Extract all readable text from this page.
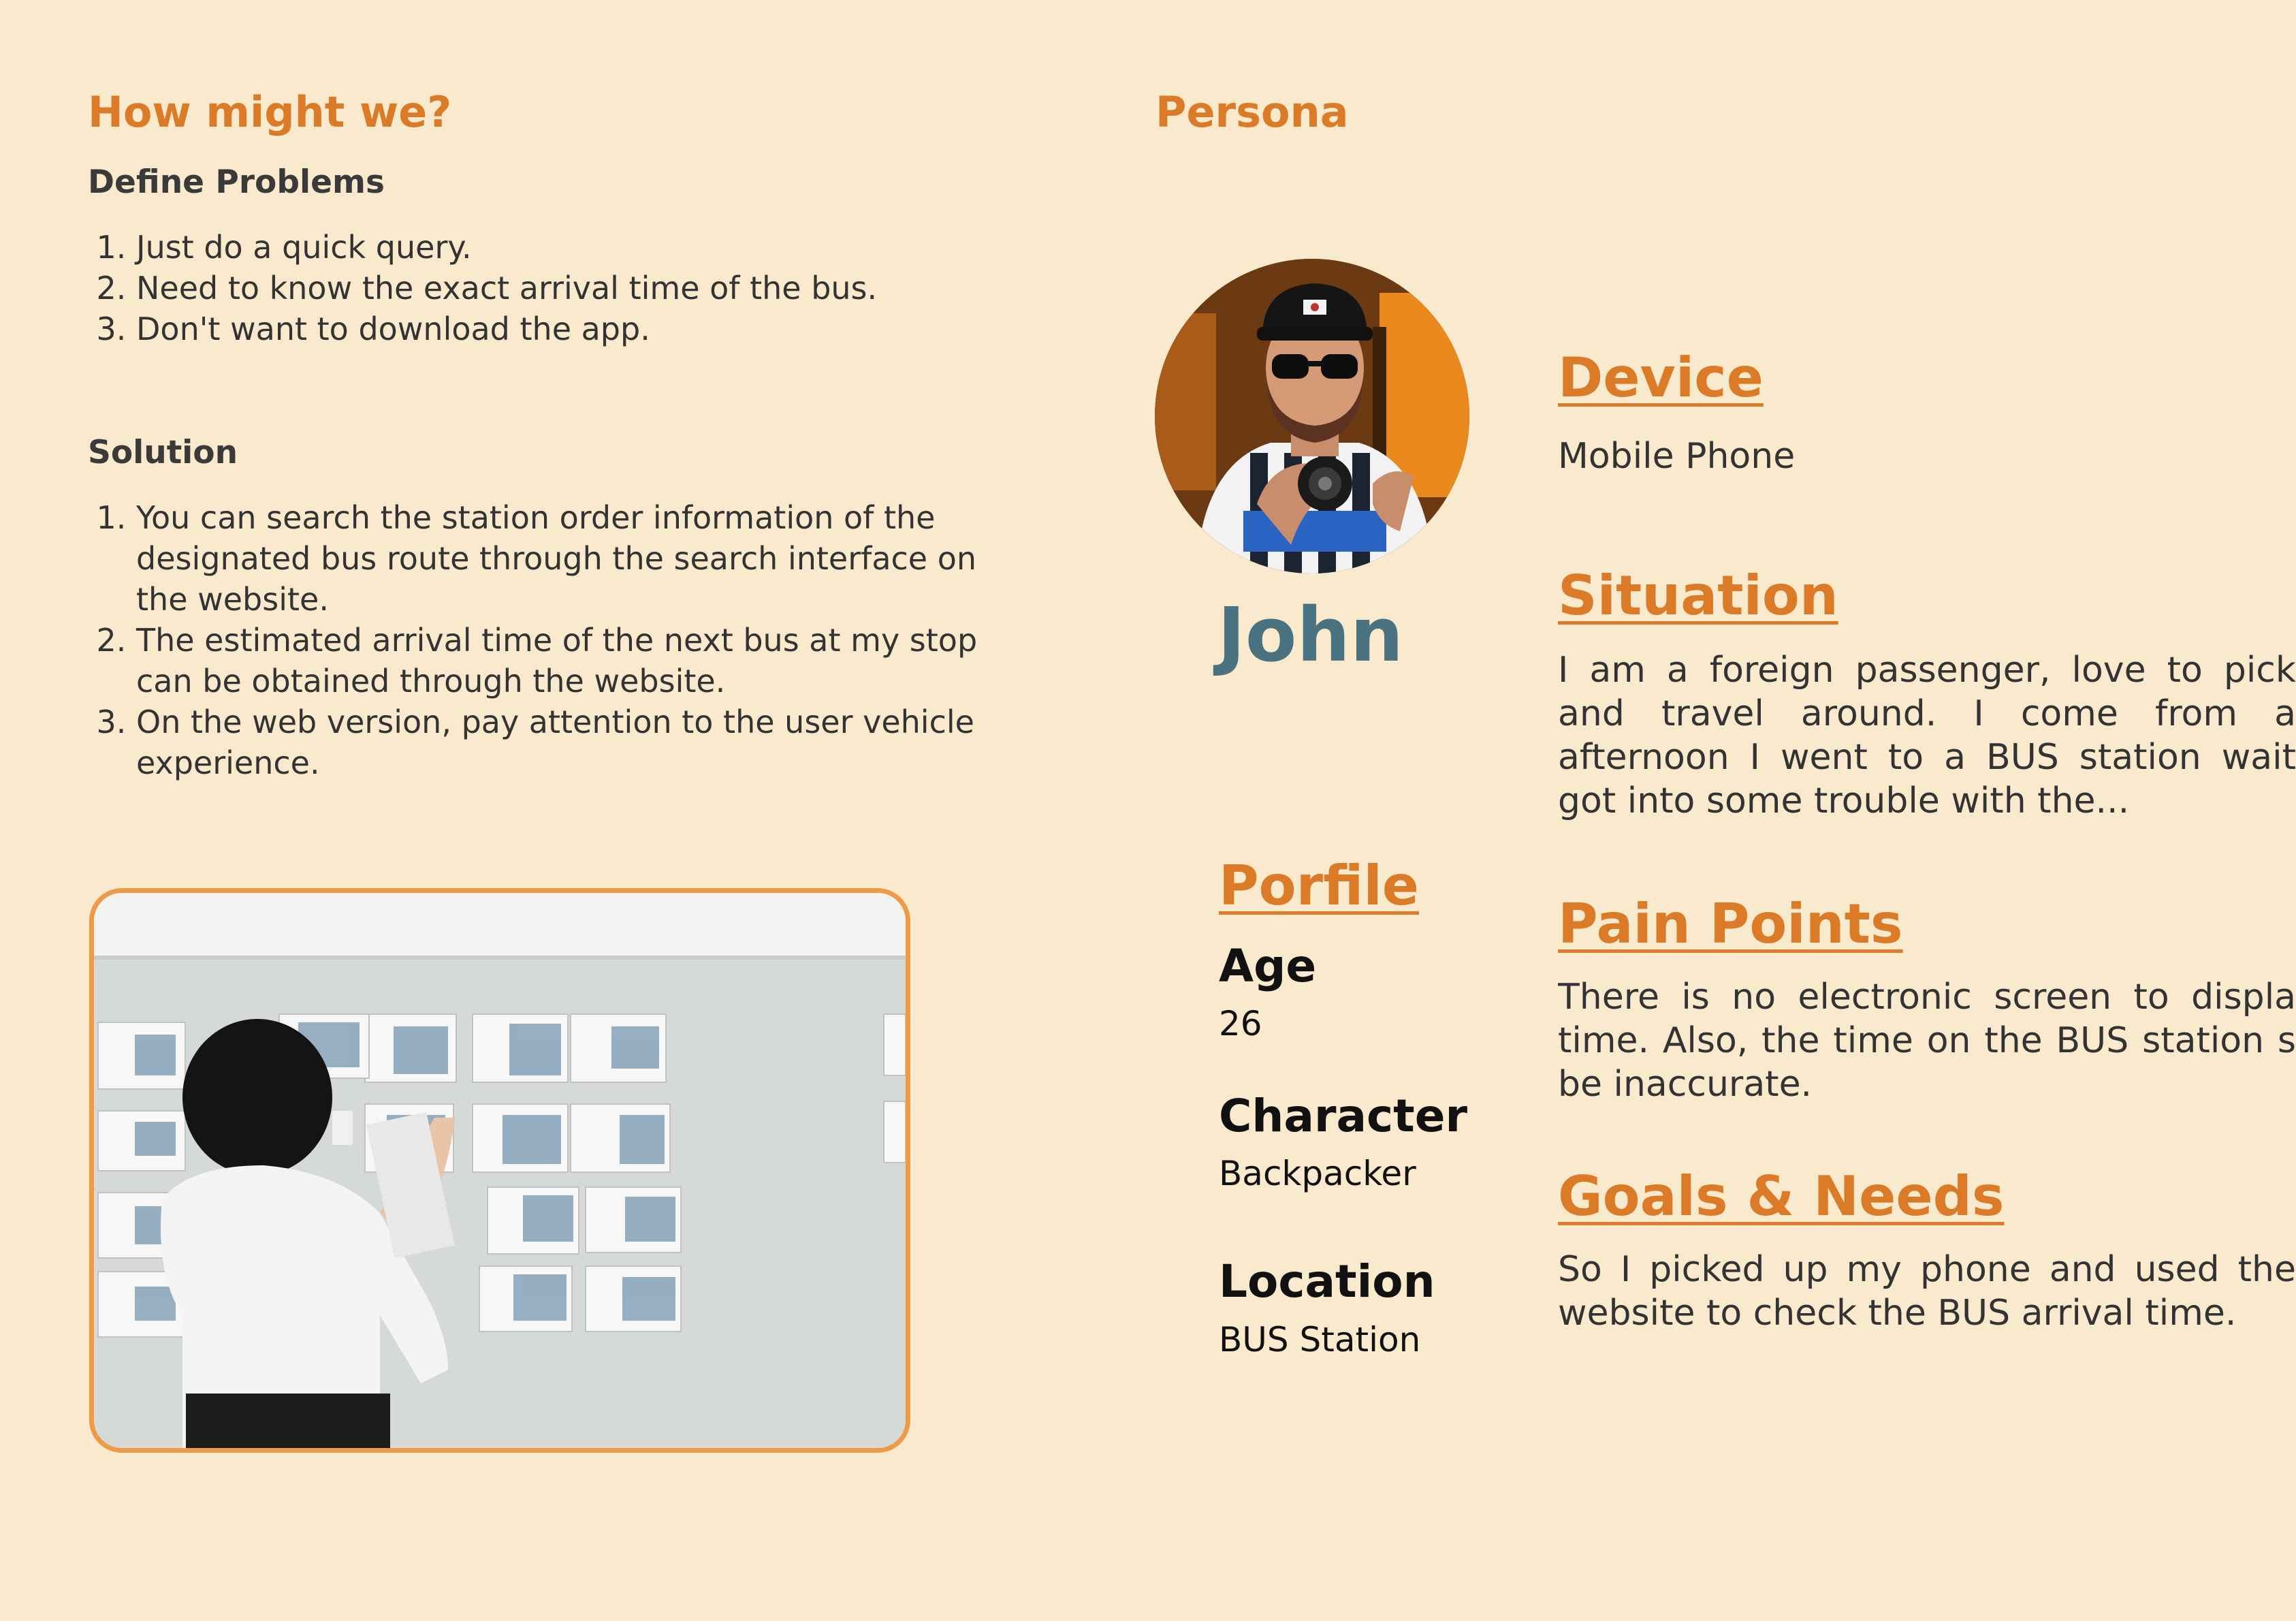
How might we?
Define Problems
1. Just do a quick query.
2. Need to know the exact arrival time of the bus.
3. Don't want to download the app.
Solution
1. You can search the station order information of the designated bus route through the search interface on the website.
2. The estimated arrival time of the next bus at my stop can be obtained through the website.
3. On the web version, pay attention to the user vehicle experience.
Persona
John
Porfile
Age
26
Character
Backpacker
Location
BUS Station
Device

Mobile Phone

Situation

I am a foreign passenger, love to pick and travel around. I come from a afternoon I went to a BUS station wait got into some trouble with the...

Pain Points

There is no electronic screen to displa time. Also, the time on the BUS station s be inaccurate.

Goals & Needs

So I picked up my phone and used the website to check the BUS arrival time.
